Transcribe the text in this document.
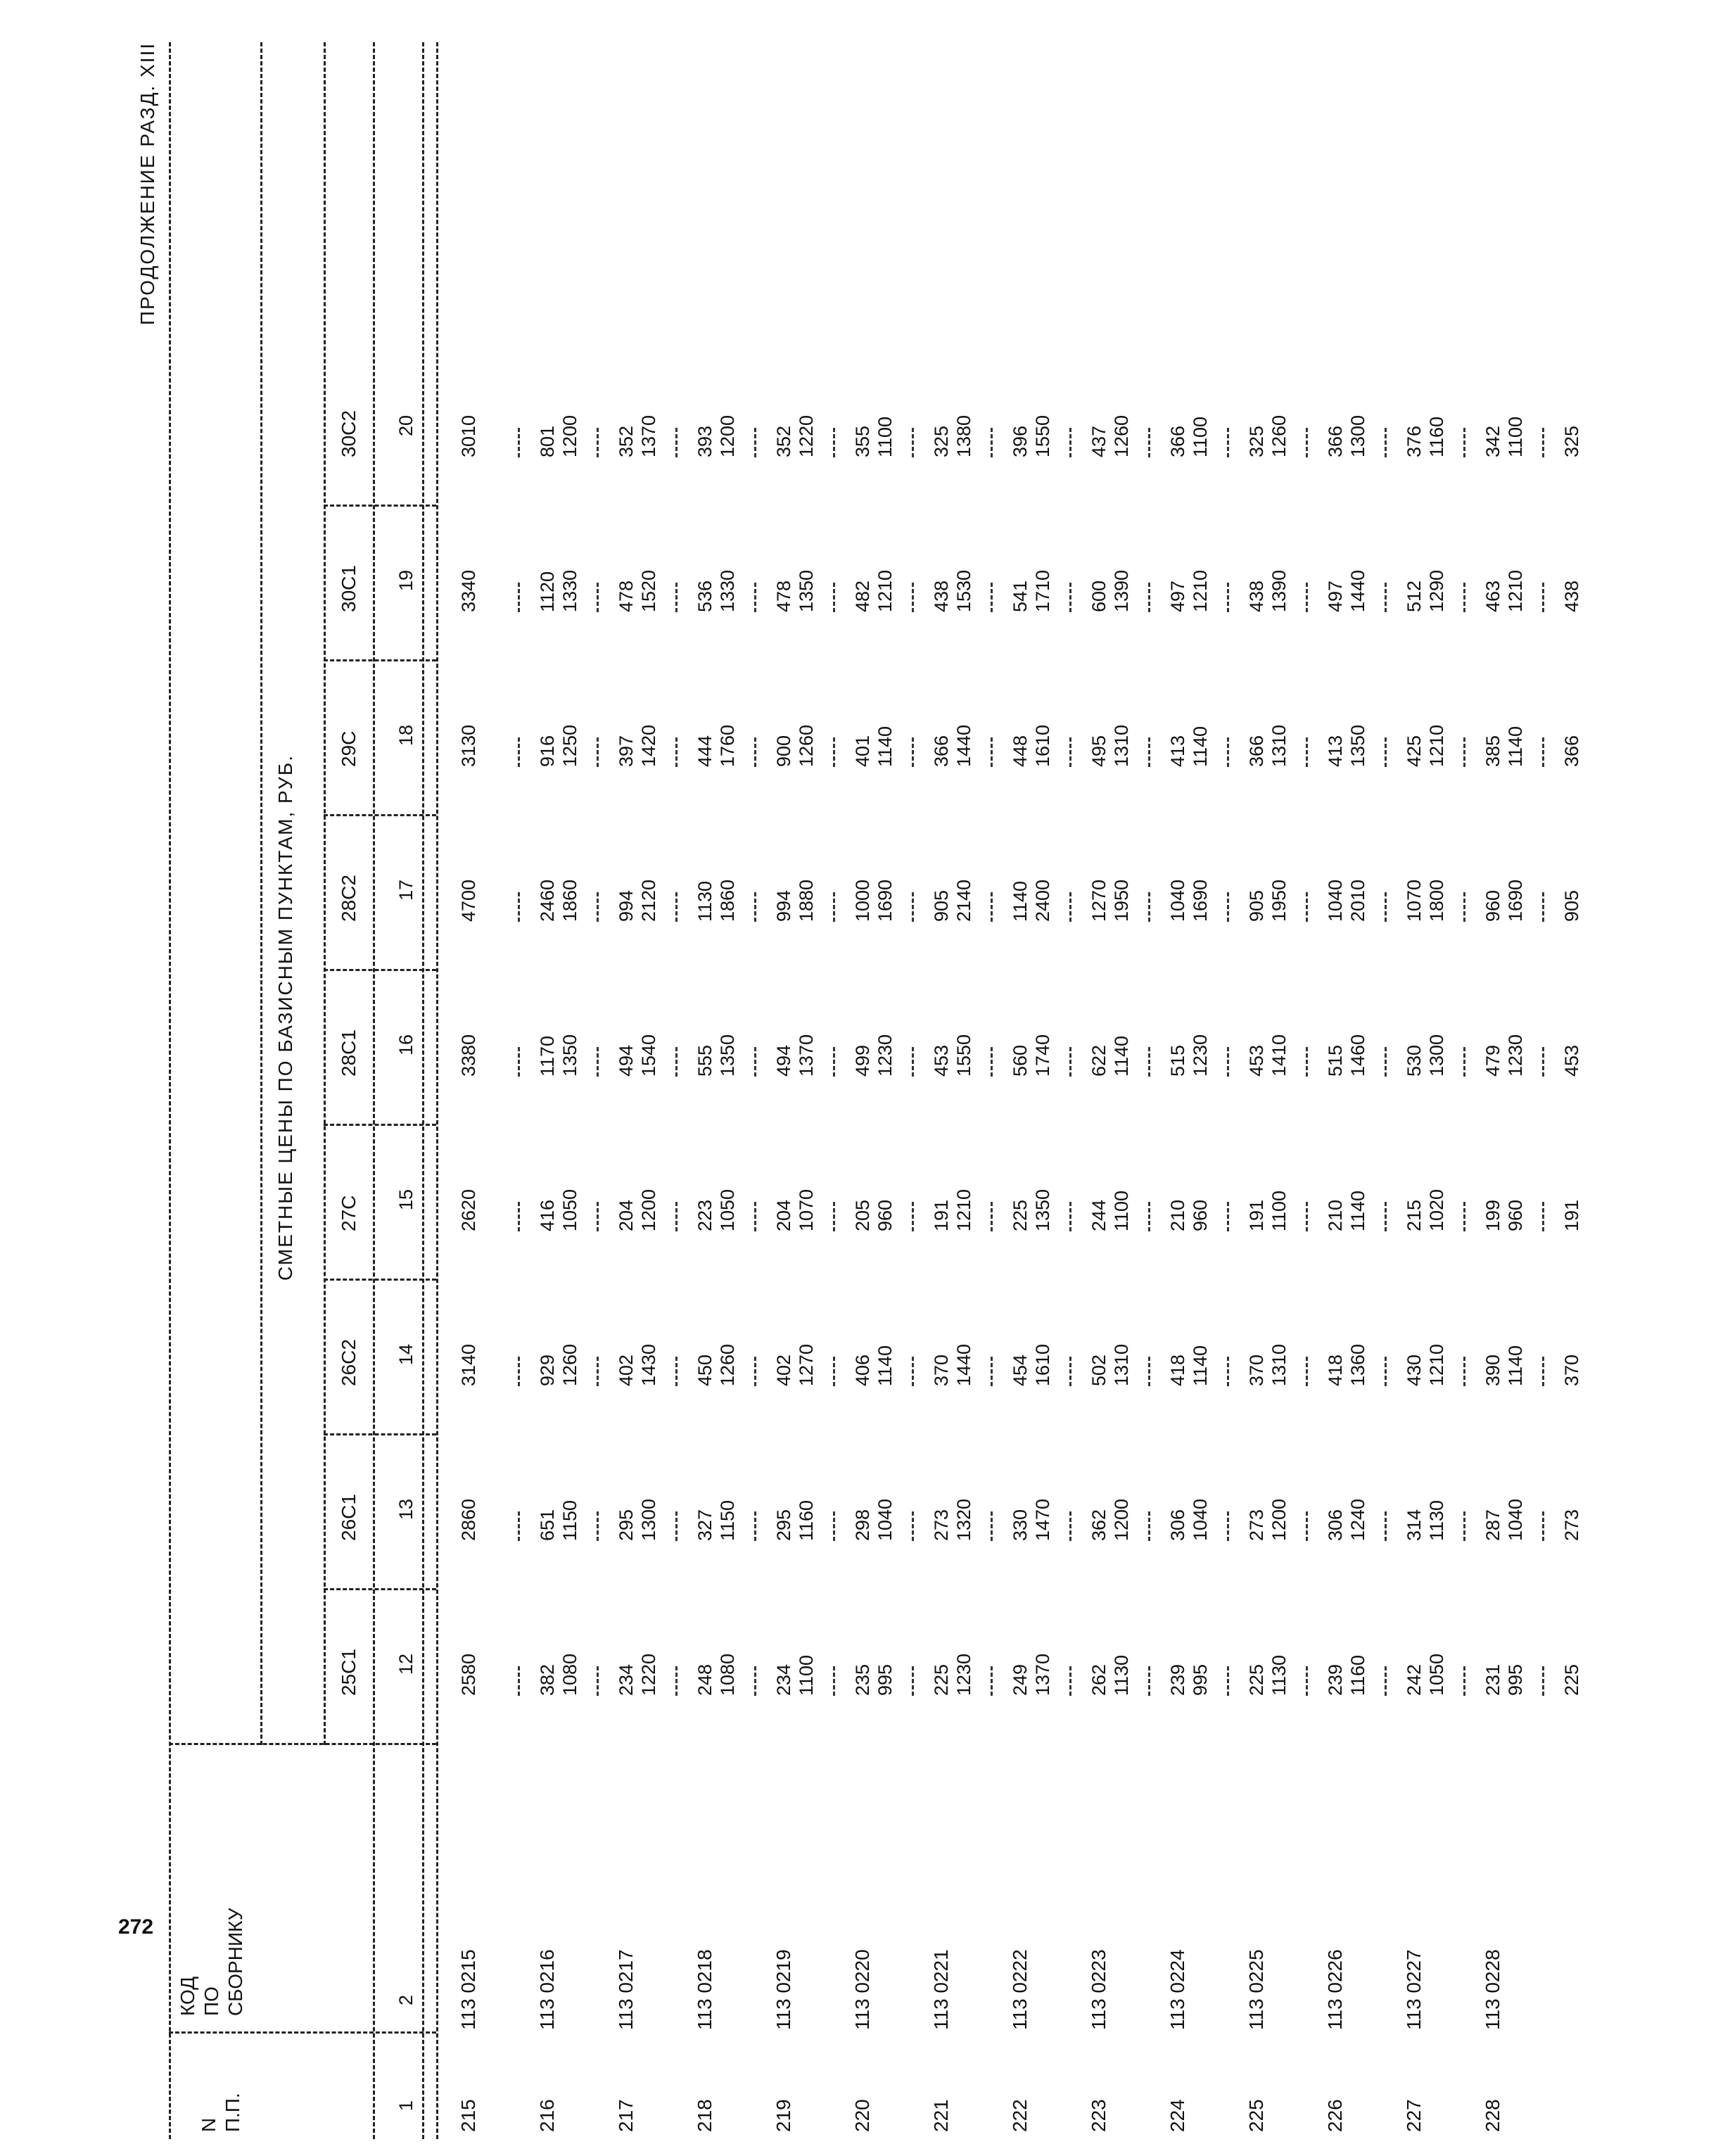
272
ПРОДОЛЖЕНИЕ РАЗД. XIII
N П.П.
КОД ПО СБОРНИКУ
СМЕТНЫЕ ЦЕНЫ ПО БАЗИСНЫМ ПУНКТАМ, РУБ.
25С1
26С1
26С2
27С
28С1
28С2
29С
30С1
30С2
1
2
12
13
14
15
16
17
18
19
20
215
113 0215
2580
2860
3140
2620
3380
4700
3130
3340
3010
216
113 0216
382 1080
651 1150
929 1260
416 1050
1170 1350
2460 1860
916 1250
1120 1330
801 1200
217
113 0217
234 1220
295 1300
402 1430
204 1200
494 1540
994 2120
397 1420
478 1520
352 1370
218
113 0218
248 1080
327 1150
450 1260
223 1050
555 1350
1130 1860
444 1760
536 1330
393 1200
219
113 0219
234 1100
295 1160
402 1270
204 1070
494 1370
994 1880
900 1260
478 1350
352 1220
220
113 0220
235 995
298 1040
406 1140
205 960
499 1230
1000 1690
401 1140
482 1210
355 1100
221
113 0221
225 1230
273 1320
370 1440
191 1210
453 1550
905 2140
366 1440
438 1530
325 1380
222
113 0222
249 1370
330 1470
454 1610
225 1350
560 1740
1140 2400
448 1610
541 1710
396 1550
223
113 0223
262 1130
362 1200
502 1310
244 1100
622 1140
1270 1950
495 1310
600 1390
437 1260
224
113 0224
239 995
306 1040
418 1140
210 960
515 1230
1040 1690
413 1140
497 1210
366 1100
225
113 0225
225 1130
273 1200
370 1310
191 1100
453 1410
905 1950
366 1310
438 1390
325 1260
226
113 0226
239 1160
306 1240
418 1360
210 1140
515 1460
1040 2010
413 1350
497 1440
366 1300
227
113 0227
242 1050
314 1130
430 1210
215 1020
530 1300
1070 1800
425 1210
512 1290
376 1160
228
113 0228
231 995
287 1040
390 1140
199 960
479 1230
960 1690
385 1140
463 1210
342 1100
225
273
370
191
453
905
366
438
325
